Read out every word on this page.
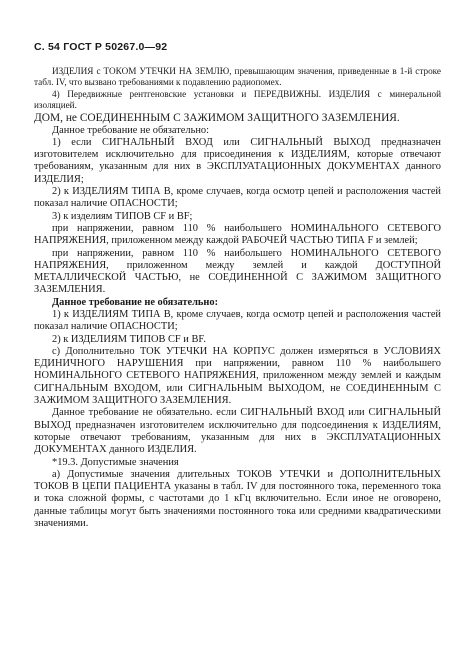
С. 54 ГОСТ Р 50267.0—92

ИЗДЕЛИЯ с ТОКОМ УТЕЧКИ НА ЗЕМЛЮ, превышающим значения, приведенные в 1-й строке табл. IV, что вызвано требованиями к подавлению радиопомех.

4) Передвижные рентгеновские установки и ПЕРЕДВИЖНЫ. ИЗДЕЛИЯ с минеральной изоляцией.

ДОМ, не СОЕДИНЕННЫМ С ЗАЖИМОМ ЗАЩИТНОГО ЗАЗЕМЛЕНИЯ.

Данное требование не обязательно:

1) если СИГНАЛЬНЫЙ ВХОД или СИГНАЛЬНЫЙ ВЫХОД предназначен изготовителем исключительно для присоединения к ИЗДЕЛИЯМ, которые отвечают требованиям, указанным для них в ЭКСПЛУАТАЦИОННЫХ ДОКУМЕНТАХ данного ИЗДЕЛИЯ;

2) к ИЗДЕЛИЯМ ТИПА В, кроме случаев, когда осмотр цепей и расположения частей показал наличие ОПАСНОСТИ;

3) к изделиям ТИПОВ CF и BF;

при напряжении, равном 110 % наибольшего НОМИНАЛЬНОГО СЕТЕВОГО НАПРЯЖЕНИЯ, приложенном между каждой РАБОЧЕЙ ЧАСТЬЮ ТИПА F и землей;

при напряжении, равном 110 % наибольшего НОМИНАЛЬНОГО СЕТЕВОГО НАПРЯЖЕНИЯ, приложенном между землей и каждой ДОСТУПНОЙ МЕТАЛЛИЧЕСКОЙ ЧАСТЬЮ, не СОЕДИНЕННОЙ С ЗАЖИМОМ ЗАЩИТНОГО ЗАЗЕМЛЕНИЯ.

Данное требование не обязательно:

1) к ИЗДЕЛИЯМ ТИПА В, кроме случаев, когда осмотр цепей и расположения частей показал наличие ОПАСНОСТИ;

2) к ИЗДЕЛИЯМ ТИПОВ CF и BF.

с) Дополнительно ТОК УТЕЧКИ НА КОРПУС должен измеряться в УСЛОВИЯХ ЕДИНИЧНОГО НАРУШЕНИЯ при напряжении, равном 110 % наибольшего НОМИНАЛЬНОГО СЕТЕВОГО НАПРЯЖЕНИЯ, приложенном между землей и каждым СИГНАЛЬНЫМ ВХОДОМ, или СИГНАЛЬНЫМ ВЫХОДОМ, не СОЕДИНЕННЫМ С ЗАЖИМОМ ЗАЩИТНОГО ЗАЗЕМЛЕНИЯ.

Данное требование не обязательно. если СИГНАЛЬНЫЙ ВХОД или СИГНАЛЬНЫЙ ВЫХОД предназначен изготовителем исключительно для подсоединения к ИЗДЕЛИЯМ, которые отвечают требованиям, указанным для них в ЭКСПЛУАТАЦИОННЫХ ДОКУМЕНТАХ данного ИЗДЕЛИЯ.

*19.3. Допустимые значения

а) Допустимые значения длительных ТОКОВ УТЕЧКИ и ДОПОЛНИТЕЛЬНЫХ ТОКОВ В ЦЕПИ ПАЦИЕНТА указаны в табл. IV для постоянного тока, переменного тока и тока сложной формы, с частотами до 1 кГц включительно. Если иное не оговорено, данные таблицы могут быть значениями постоянного тока или средними квадратическими значениями.
